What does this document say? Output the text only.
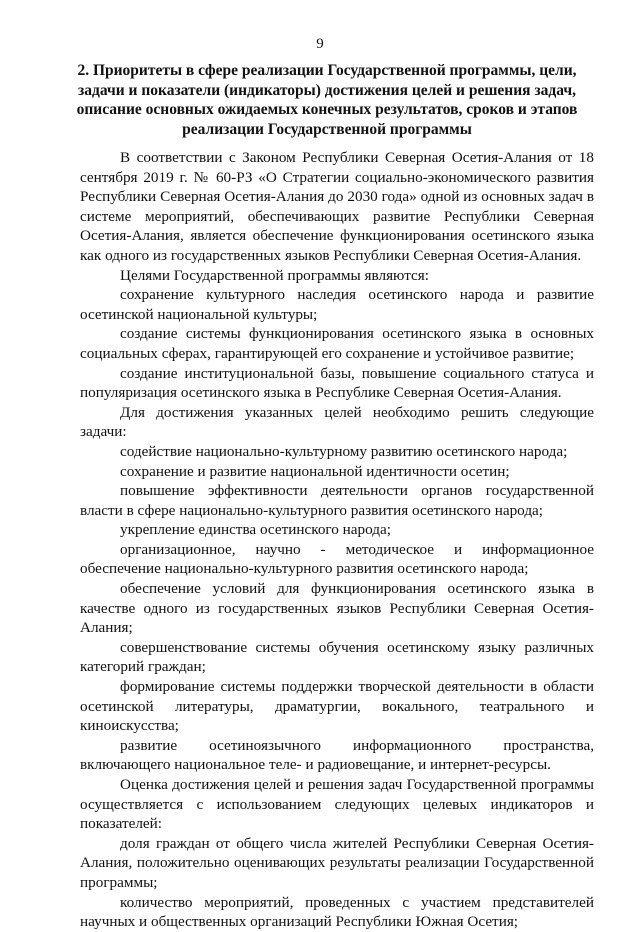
9
2. Приоритеты в сфере реализации Государственной программы, цели, задачи и показатели (индикаторы) достижения целей и решения задач, описание основных ожидаемых конечных результатов, сроков и этапов реализации Государственной программы

В соответствии с Законом Республики Северная Осетия-Алания от 18 сентября 2019 г. № 60-РЗ «О Стратегии социально-экономического развития Республики Северная Осетия-Алания до 2030 года» одной из основных задач в системе мероприятий, обеспечивающих развитие Республики Северная Осетия-Алания, является обеспечение функционирования осетинского языка как одного из государственных языков Республики Северная Осетия-Алания.

Целями Государственной программы являются:

сохранение культурного наследия осетинского народа и развитие осетинской национальной культуры;

создание системы функционирования осетинского языка в основных социальных сферах, гарантирующей его сохранение и устойчивое развитие;

создание институциональной базы, повышение социального статуса и популяризация осетинского языка в Республике Северная Осетия-Алания.

Для достижения указанных целей необходимо решить следующие задачи:

содействие национально-культурному развитию осетинского народа;

сохранение и развитие национальной идентичности осетин;

повышение эффективности деятельности органов государственной власти в сфере национально-культурного развития осетинского народа;

укрепление единства осетинского народа;

организационное, научно - методическое и информационное обеспечение национально-культурного развития осетинского народа;

обеспечение условий для функционирования осетинского языка в качестве одного из государственных языков Республики Северная Осетия-Алания;

совершенствование системы обучения осетинскому языку различных категорий граждан;

формирование системы поддержки творческой деятельности в области осетинской литературы, драматургии, вокального, театрального и киноискусства;

развитие осетиноязычного информационного пространства, включающего национальное теле- и радиовещание, и интернет-ресурсы.

Оценка достижения целей и решения задач Государственной программы осуществляется с использованием следующих целевых индикаторов и показателей:

доля граждан от общего числа жителей Республики Северная Осетия-Алания, положительно оценивающих результаты реализации Государственной программы;

количество мероприятий, проведенных с участием представителей научных и общественных организаций Республики Южная Осетия;
